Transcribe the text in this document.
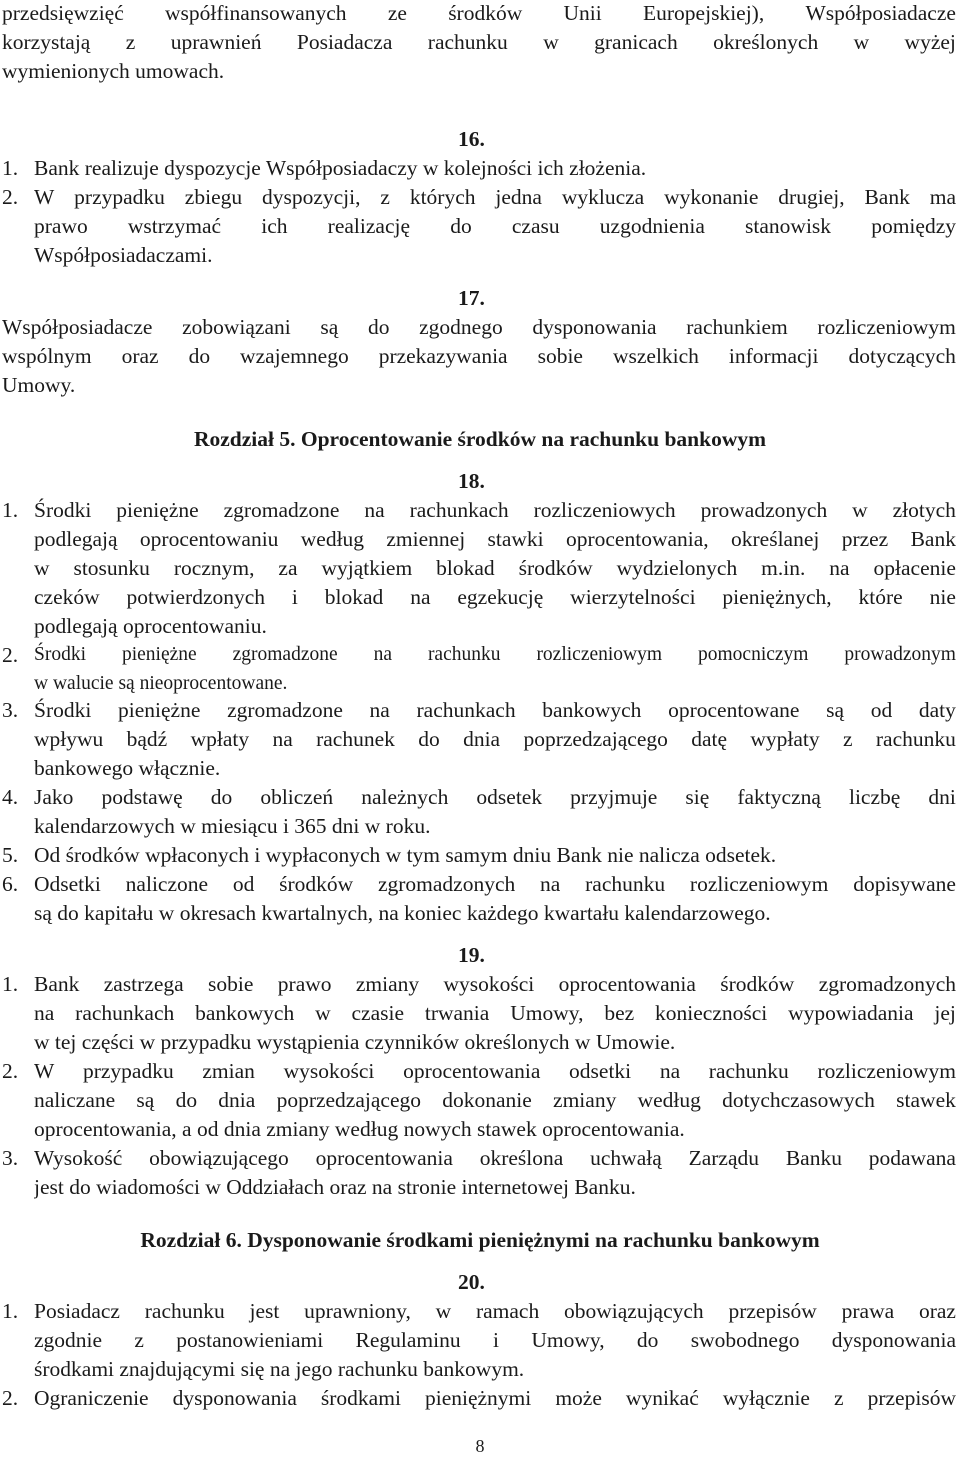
przedsięwzięć współfinansowanych ze środków Unii Europejskiej), Współposiadacze
korzystają z uprawnień Posiadacza rachunku w granicach określonych w wyżej
wymienionych umowach.
16.
1. Bank realizuje dyspozycje Współposiadaczy w kolejności ich złożenia.
2. W przypadku zbiegu dyspozycji, z których jedna wyklucza wykonanie drugiej, Bank ma
prawo wstrzymać ich realizację do czasu uzgodnienia stanowisk pomiędzy
Współposiadaczami.
17.
Współposiadacze zobowiązani są do zgodnego dysponowania rachunkiem rozliczeniowym
wspólnym oraz do wzajemnego przekazywania sobie wszelkich informacji dotyczących
Umowy.
Rozdział 5. Oprocentowanie środków na rachunku bankowym
18.
1. Środki pieniężne zgromadzone na rachunkach rozliczeniowych prowadzonych w złotych
podlegają oprocentowaniu według zmiennej stawki oprocentowania, określanej przez Bank
w stosunku rocznym, za wyjątkiem blokad środków wydzielonych m.in. na opłacenie
czeków potwierdzonych i blokad na egzekucję wierzytelności pieniężnych, które nie
podlegają oprocentowaniu.
2. Środki pieniężne zgromadzone na rachunku rozliczeniowym pomocniczym prowadzonym
w walucie są nieoprocentowane.
3. Środki pieniężne zgromadzone na rachunkach bankowych oprocentowane są od daty
wpływu bądź wpłaty na rachunek do dnia poprzedzającego datę wypłaty z rachunku
bankowego włącznie.
4. Jako podstawę do obliczeń należnych odsetek przyjmuje się faktyczną liczbę dni
kalendarzowych w miesiącu i 365 dni w roku.
5. Od środków wpłaconych i wypłaconych w tym samym dniu Bank nie nalicza odsetek.
6. Odsetki naliczone od środków zgromadzonych na rachunku rozliczeniowym dopisywane
są do kapitału w okresach kwartalnych, na koniec każdego kwartału kalendarzowego.
19.
1. Bank zastrzega sobie prawo zmiany wysokości oprocentowania środków zgromadzonych
na rachunkach bankowych w czasie trwania Umowy, bez konieczności wypowiadania jej
w tej części w przypadku wystąpienia czynników określonych w Umowie.
2. W przypadku zmian wysokości oprocentowania odsetki na rachunku rozliczeniowym
naliczane są do dnia poprzedzającego dokonanie zmiany według dotychczasowych stawek
oprocentowania, a od dnia zmiany według nowych stawek oprocentowania.
3. Wysokość obowiązującego oprocentowania określona uchwałą Zarządu Banku podawana
jest do wiadomości w Oddziałach oraz na stronie internetowej Banku.
Rozdział 6. Dysponowanie środkami pieniężnymi na rachunku bankowym
20.
1. Posiadacz rachunku jest uprawniony, w ramach obowiązujących przepisów prawa oraz
zgodnie z postanowieniami Regulaminu i Umowy, do swobodnego dysponowania
środkami znajdującymi się na jego rachunku bankowym.
2. Ograniczenie dysponowania środkami pieniężnymi może wynikać wyłącznie z przepisów
8
